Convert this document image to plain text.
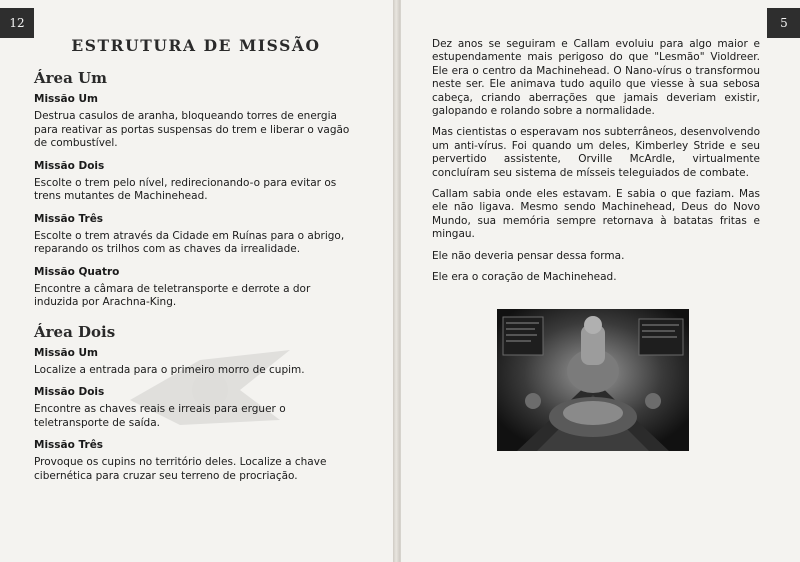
12
ESTRUTURA DE MISSÃO
Área Um
Missão Um
Destrua casulos de aranha, bloqueando torres de energia para reativar as portas suspensas do trem e liberar o vagão de combustível.
Missão Dois
Escolte o trem pelo nível, redirecionando-o para evitar os trens mutantes de Machinehead.
Missão Três
Escolte o trem através da Cidade em Ruínas para o abrigo, reparando os trilhos com as chaves da irrealidade.
Missão Quatro
Encontre a câmara de teletransporte e derrote a dor induzida por Arachna-King.
Área Dois
Missão Um
Localize a entrada para o primeiro morro de cupim.
Missão Dois
Encontre as chaves reais e irreais para erguer o teletransporte de saída.
Missão Três
Provoque os cupins no território deles. Localize a chave cibernética para cruzar seu terreno de procriação.
5

Dez anos se seguiram e Callam evoluiu para algo maior e estupendamente mais perigoso do que "Lesmão" Violdreer. Ele era o centro da Machinehead. O Nano-vírus o transformou neste ser. Ele animava tudo aquilo que viesse à sua sebosa cabeça, criando aberrações que jamais deveriam existir, galopando e rolando sobre a normalidade.

Mas cientistas o esperavam nos subterrâneos, desenvolvendo um anti-vírus. Foi quando um deles, Kimberley Stride e seu pervertido assistente, Orville McArdle, virtualmente concluíram seu sistema de mísseis teleguiados de combate.

Callam sabia onde eles estavam. E sabia o que faziam. Mas ele não ligava. Mesmo sendo Machinehead, Deus do Novo Mundo, sua memória sempre retornava à batatas fritas e mingau.

Ele não deveria pensar dessa forma.

Ele era o coração de Machinehead.
